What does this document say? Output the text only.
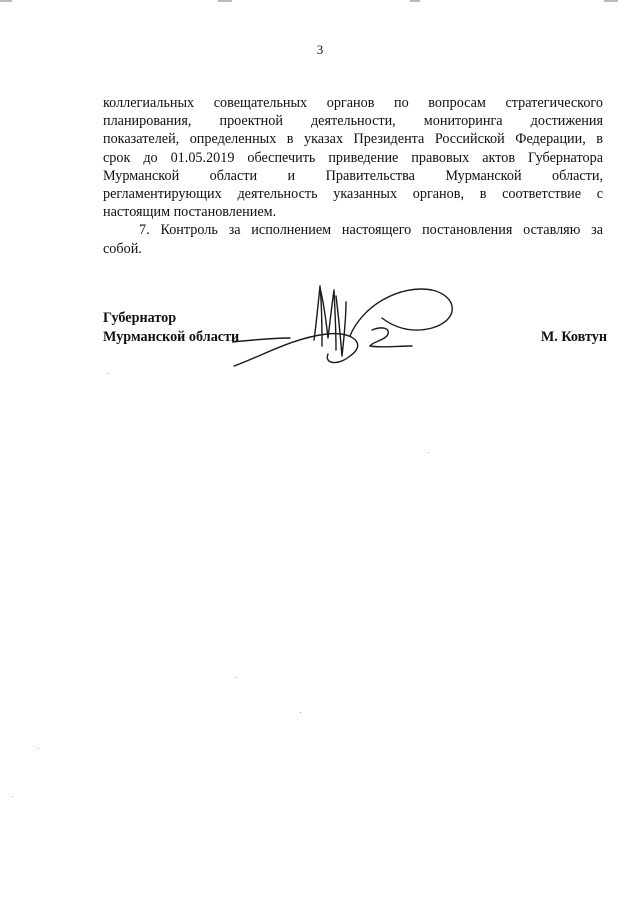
3
коллегиальных совещательных органов по вопросам стратегического
планирования, проектной деятельности, мониторинга достижения
показателей, определенных в указах Президента Российской Федерации, в
срок до 01.05.2019 обеспечить приведение правовых актов Губернатора
Мурманской области и Правительства Мурманской области,
регламентирующих деятельность указанных органов, в соответствие с
настоящим постановлением.
7. Контроль за исполнением настоящего постановления оставляю за
собой.
Губернатор
Мурманской области	М. Ковтун
